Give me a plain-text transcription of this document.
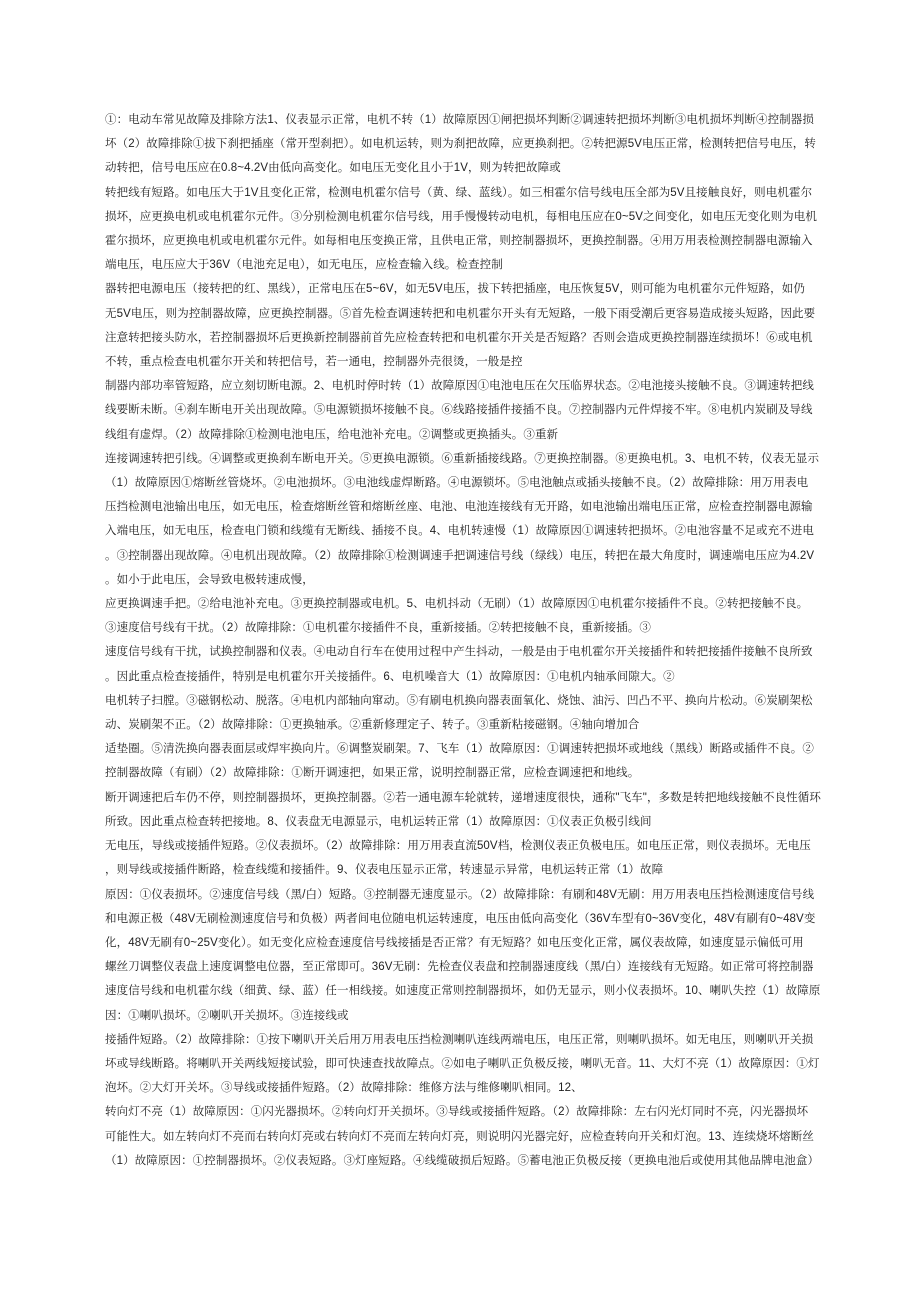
①：电动车常见故障及排除方法1、仪表显示正常，电机不转（1）故障原因①闸把损坏判断②调速转把损坏判断③电机损坏判断④控制器损
坏（2）故障排除①拔下刹把插座（常开型刹把）。如电机运转，则为刹把故障，应更换刹把。②转把源5V电压正常，检测转把信号电压，转
动转把，信号电压应在0.8~4.2V由低向高变化。如电压无变化且小于1V，则为转把故障或
转把线有短路。如电压大于1V且变化正常，检测电机霍尔信号（黄、绿、蓝线）。如三相霍尔信号线电压全部为5V且接触良好，则电机霍尔
损坏，应更换电机或电机霍尔元件。③分别检测电机霍尔信号线，用手慢慢转动电机，每相电压应在0~5V之间变化，如电压无变化则为电机
霍尔损坏，应更换电机或电机霍尔元件。如每相电压变换正常，且供电正常，则控制器损坏，更换控制器。④用万用表检测控制器电源输入
端电压，电压应大于36V（电池充足电），如无电压，应检查输入线。检查控制
器转把电源电压（接转把的红、黑线），正常电压在5~6V，如无5V电压，拔下转把插座，电压恢复5V，则可能为电机霍尔元件短路，如仍
无5V电压，则为控制器故障，应更换控制器。⑤首先检查调速转把和电机霍尔开头有无短路，一般下雨受潮后更容易造成接头短路，因此要
注意转把接头防水，若控制器损坏后更换新控制器前首先应检查转把和电机霍尔开关是否短路？否则会造成更换控制器连续损坏！⑥或电机
不转，重点检查电机霍尔开关和转把信号，若一通电，控制器外壳很烫，一般是控
制器内部功率管短路，应立刻切断电源。2、电机时停时转（1）故障原因①电池电压在欠压临界状态。②电池接头接触不良。③调速转把线
线要断未断。④刹车断电开关出现故障。⑤电源锁损坏接触不良。⑥线路接插件接插不良。⑦控制器内元件焊接不牢。⑧电机内炭刷及导线
线组有虚焊。（2）故障排除①检测电池电压，给电池补充电。②调整或更换插头。③重新
连接调速转把引线。④调整或更换刹车断电开关。⑤更换电源锁。⑥重新插接线路。⑦更换控制器。⑧更换电机。3、电机不转，仪表无显示
（1）故障原因①熔断丝管烧坏。②电池损坏。③电池线虚焊断路。④电源锁坏。⑤电池触点或插头接触不良。（2）故障排除：用万用表电
压挡检测电池输出电压，如无电压，检查熔断丝管和熔断丝座、电池、电池连接线有无开路，如电池输出端电压正常，应检查控制器电源输
入端电压，如无电压，检查电门锁和线缆有无断线、插接不良。4、电机转速慢（1）故障原因①调速转把损坏。②电池容量不足或充不进电
。③控制器出现故障。④电机出现故障。（2）故障排除①检测调速手把调速信号线（绿线）电压，转把在最大角度时，调速端电压应为4.2V
。如小于此电压，会导致电极转速成慢，
应更换调速手把。②给电池补充电。③更换控制器或电机。5、电机抖动（无刷）（1）故障原因①电机霍尔接插件不良。②转把接触不良。
③速度信号线有干扰。（2）故障排除：①电机霍尔接插件不良，重新接插。②转把接触不良，重新接插。③
速度信号线有干扰，试换控制器和仪表。④电动自行车在使用过程中产生抖动，一般是由于电机霍尔开关接插件和转把接插件接触不良所致
。因此重点检查接插件，特别是电机霍尔开关接插件。6、电机噪音大（1）故障原因：①电机内轴承间隙大。②
电机转子扫膛。③磁钢松动、脱落。④电机内部轴向窜动。⑤有刷电机换向器表面氧化、烧蚀、油污、凹凸不平、换向片松动。⑥炭刷架松
动、炭刷架不正。（2）故障排除：①更换轴承。②重新修理定子、转子。③重新粘接磁钢。④轴向增加合
适垫圈。⑤清洗换向器表面层或焊牢换向片。⑥调整炭刷架。7、飞车（1）故障原因：①调速转把损坏或地线（黑线）断路或插件不良。②
控制器故障（有刷）（2）故障排除：①断开调速把，如果正常，说明控制器正常，应检查调速把和地线。
断开调速把后车仍不停，则控制器损坏，更换控制器。②若一通电源车轮就转，递增速度很快，通称"飞车"，多数是转把地线接触不良性循环
所致。因此重点检查转把接地。8、仪表盘无电源显示，电机运转正常（1）故障原因：①仪表正负极引线间
无电压，导线或接插件短路。②仪表损坏。（2）故障排除：用万用表直流50V档，检测仪表正负极电压。如电压正常，则仪表损坏。无电压
，则导线或接插件断路，检查线缆和接插件。9、仪表电压显示正常，转速显示异常，电机运转正常（1）故障
原因：①仪表损坏。②速度信号线（黑/白）短路。③控制器无速度显示。（2）故障排除：有刷和48V无刷：用万用表电压挡检测速度信号线
和电源正极（48V无刷检测速度信号和负极）两者间电位随电机运转速度，电压由低向高变化（36V车型有0~36V变化，48V有刷有0~48V变
化，48V无刷有0~25V变化）。如无变化应检查速度信号线接插是否正常？有无短路？如电压变化正常，属仪表故障，如速度显示偏低可用
螺丝刀调整仪表盘上速度调整电位器，至正常即可。36V无刷：先检查仪表盘和控制器速度线（黑/白）连接线有无短路。如正常可将控制器
速度信号线和电机霍尔线（细黄、绿、蓝）任一相线接。如速度正常则控制器损坏，如仍无显示，则小仪表损坏。10、喇叭失控（1）故障原
因：①喇叭损坏。②喇叭开关损坏。③连接线或
接插件短路。（2）故障排除：①按下喇叭开关后用万用表电压挡检测喇叭连线两端电压，电压正常，则喇叭损坏。如无电压，则喇叭开关损
坏或导线断路。将喇叭开关两线短接试验，即可快速查找故障点。②如电子喇叭正负极反接，喇叭无音。11、大灯不亮（1）故障原因：①灯
泡坏。②大灯开关坏。③导线或接插件短路。（2）故障排除：维修方法与维修喇叭相同。12、
转向灯不亮（1）故障原因：①闪光器损坏。②转向灯开关损坏。③导线或接插件短路。（2）故障排除：左右闪光灯同时不亮，闪光器损坏
可能性大。如左转向灯不亮而右转向灯亮或右转向灯不亮而左转向灯亮，则说明闪光器完好，应检查转向开关和灯泡。13、连续烧坏熔断丝
（1）故障原因：①控制器损坏。②仪表短路。③灯座短路。④线缆破损后短路。⑤蓄电池正负极反接（更换电池后或使用其他品牌电池盒）
